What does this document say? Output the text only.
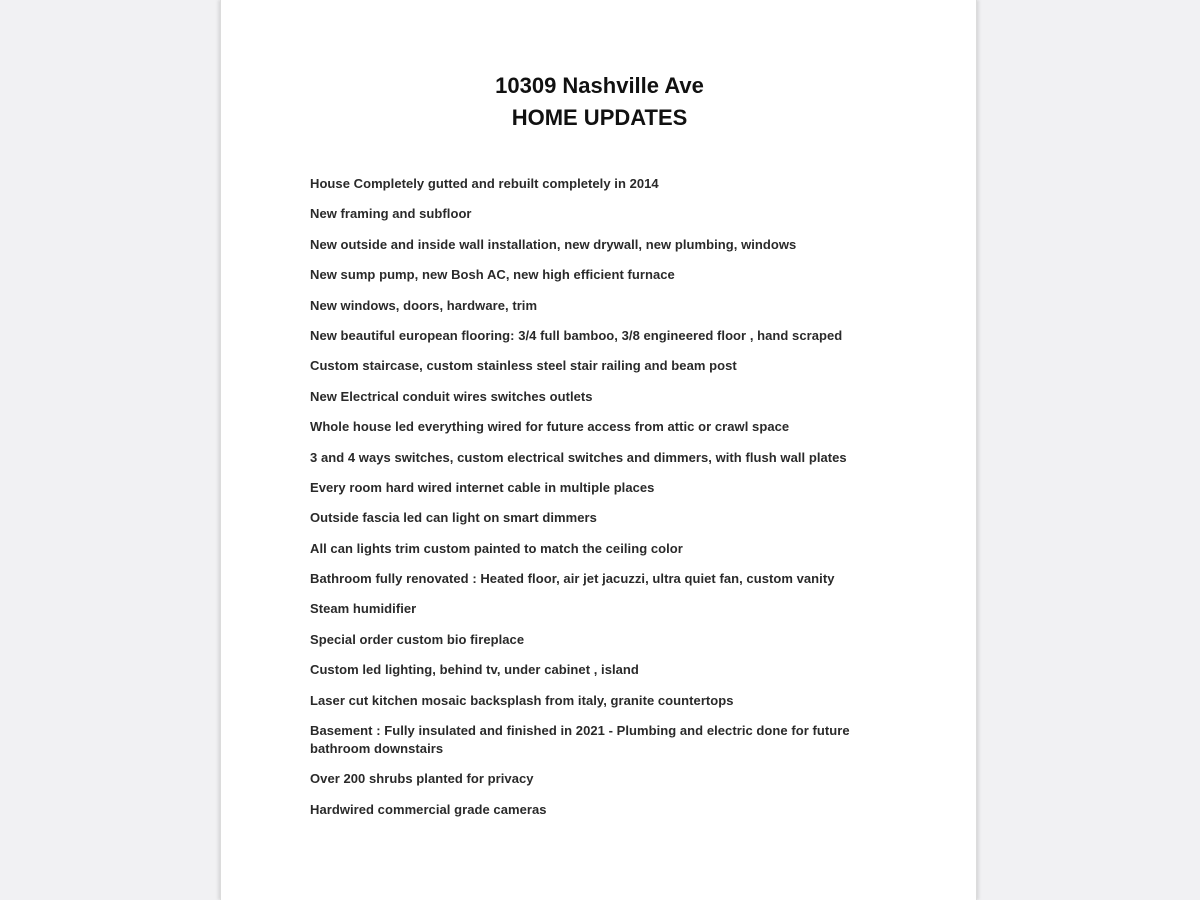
10309 Nashville Ave
HOME UPDATES
House Completely gutted and rebuilt completely in 2014
New framing and subfloor
New outside and inside wall installation, new drywall, new plumbing, windows
New sump pump, new Bosh AC, new high efficient furnace
New windows, doors, hardware, trim
New beautiful european flooring: 3/4 full bamboo, 3/8 engineered floor , hand scraped
Custom staircase, custom stainless steel stair railing and beam post
New Electrical conduit wires switches outlets
Whole house led everything wired for future access from attic or crawl space
3 and 4 ways switches, custom electrical switches and dimmers, with flush wall plates
Every room hard wired internet cable in multiple places
Outside fascia led can light on smart dimmers
All can lights trim custom painted to match the ceiling color
Bathroom fully renovated : Heated floor, air jet jacuzzi, ultra quiet fan, custom vanity
Steam humidifier
Special order custom bio fireplace
Custom led lighting, behind tv, under cabinet , island
Laser cut kitchen mosaic backsplash from italy, granite countertops
Basement : Fully insulated and finished in 2021 - Plumbing and electric done for future bathroom downstairs
Over 200 shrubs planted for privacy
Hardwired commercial grade cameras
